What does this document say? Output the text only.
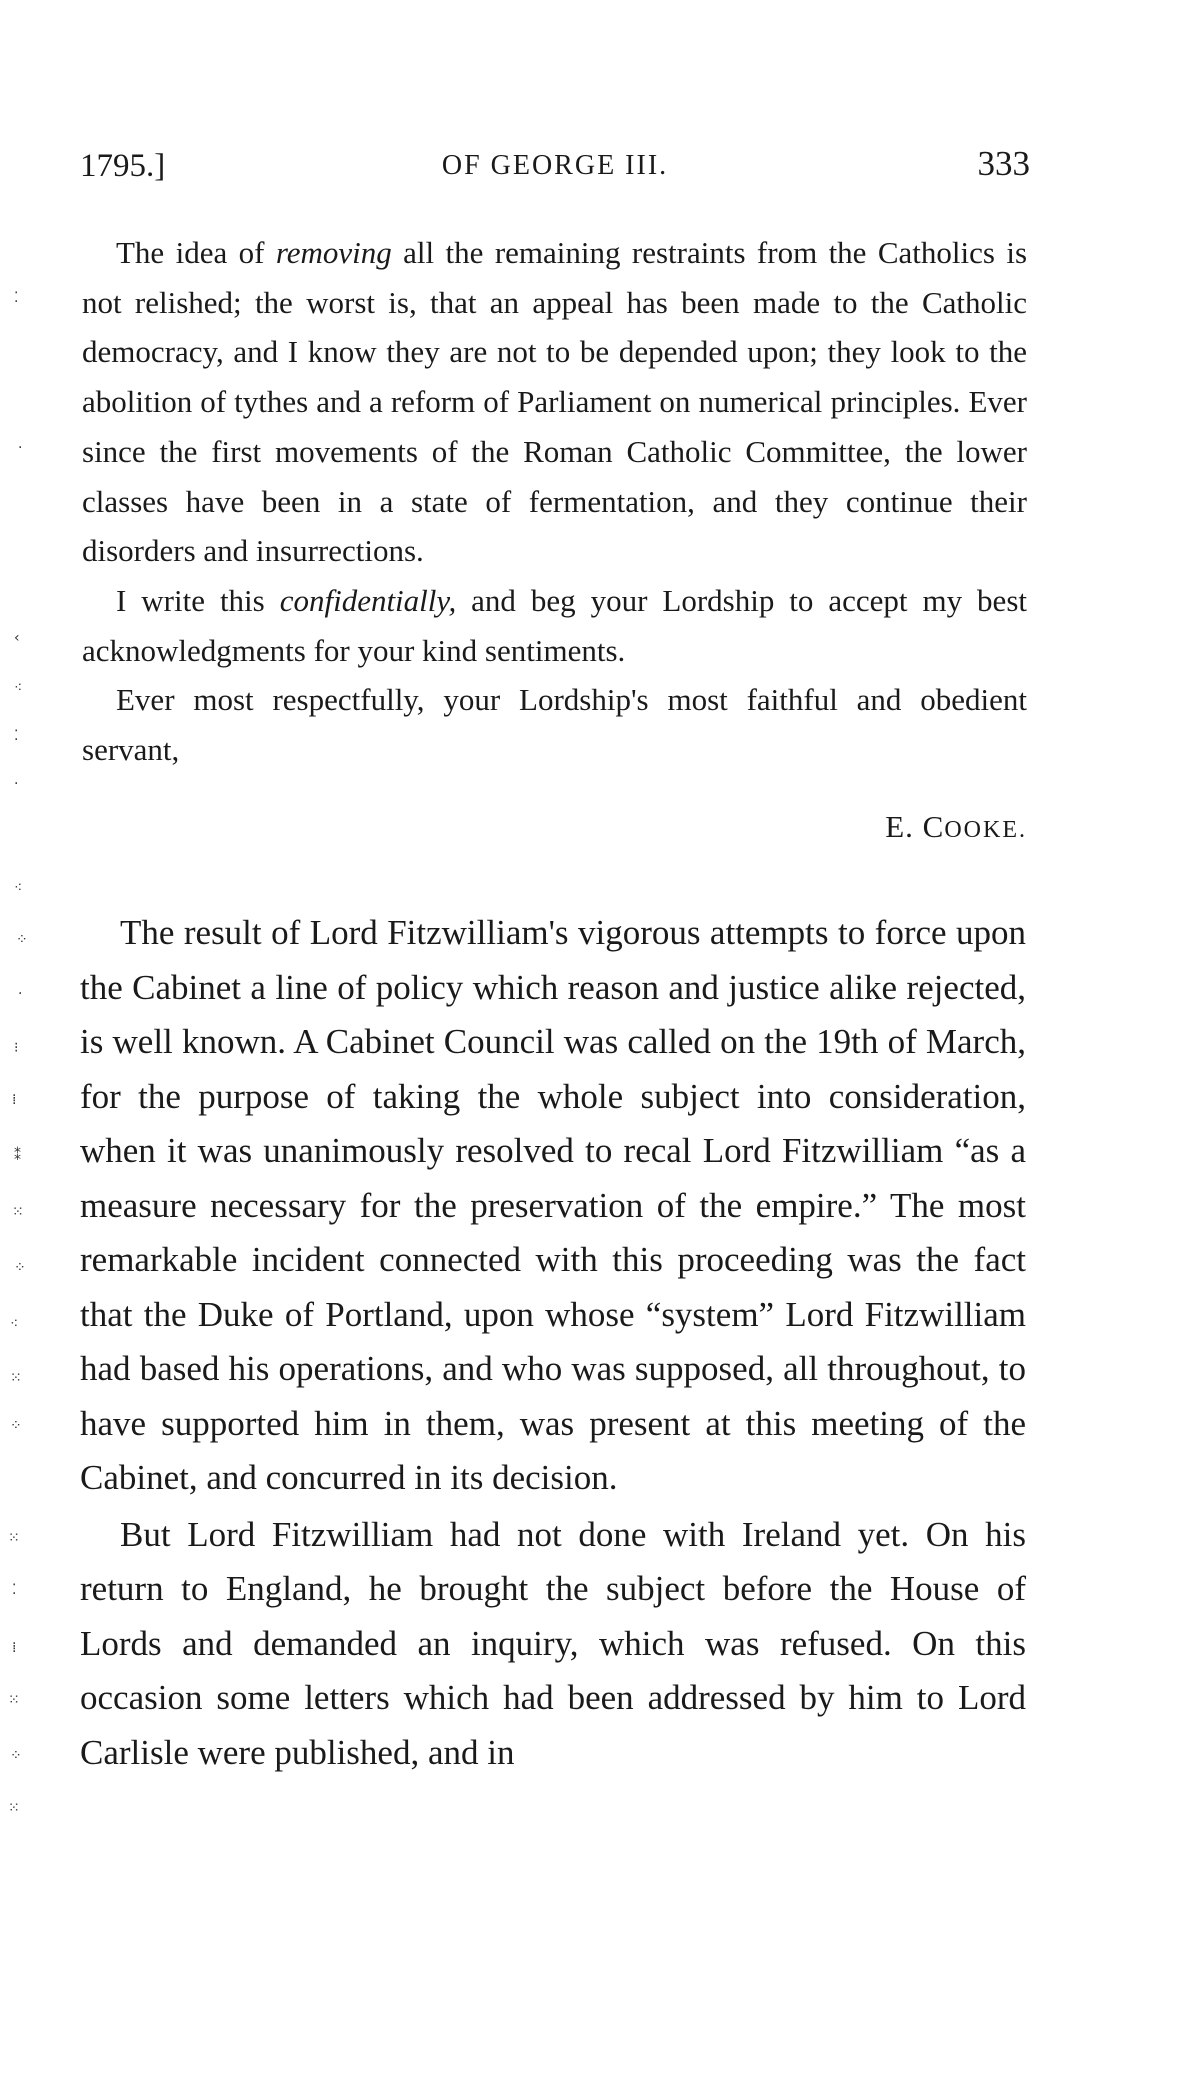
1795.]	OF GEORGE III.	333

The idea of removing all the remaining restraints from the Catholics is not relished; the worst is, that an appeal has been made to the Catholic democracy, and I know they are not to be depended upon; they look to the abolition of tythes and a reform of Parliament on numerical principles. Ever since the first movements of the Roman Catholic Committee, the lower classes have been in a state of fermentation, and they continue their disorders and insurrections.

I write this confidentially, and beg your Lordship to accept my best acknowledgments for your kind sentiments.

Ever most respectfully, your Lordship's most faithful and obedient servant,

E. COOKE.

The result of Lord Fitzwilliam's vigorous attempts to force upon the Cabinet a line of policy which reason and justice alike rejected, is well known. A Cabinet Council was called on the 19th of March, for the purpose of taking the whole subject into consideration, when it was unanimously resolved to recal Lord Fitzwilliam “as a measure necessary for the preservation of the empire.” The most remarkable incident connected with this proceeding was the fact that the Duke of Portland, upon whose “system” Lord Fitzwilliam had based his operations, and who was supposed, all throughout, to have supported him in them, was present at this meeting of the Cabinet, and concurred in its decision.

But Lord Fitzwilliam had not done with Ireland yet. On his return to England, he brought the subject before the House of Lords and demanded an inquiry, which was refused. On this occasion some letters which had been addressed by him to Lord Carlisle were published, and in

⁚
·
‹
⁖
⁚
·
⁖
⁘
·
⁝
⁞
⁑
⁙
⁘
⁖
⁙
⁘
⁙
⁚
⁞
⁙
⁘
⁙
